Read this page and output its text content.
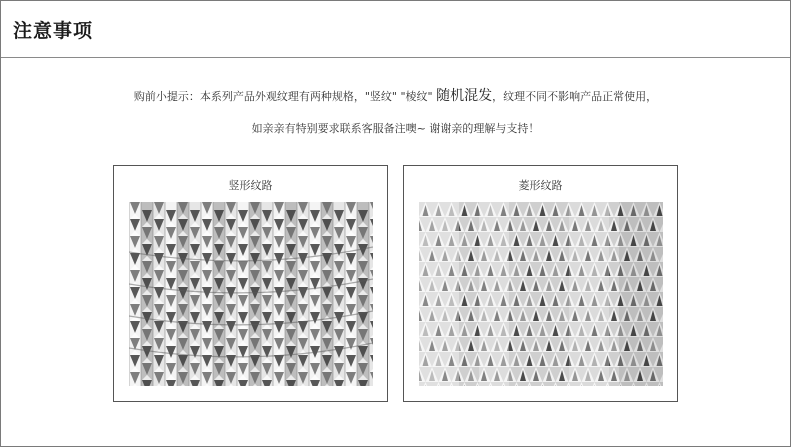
注意事项
购前小提示：本系列产品外观纹理有两种规格，"竖纹" "棱纹" 随机混发，纹理不同不影响产品正常使用，
如亲亲有特别要求联系客服备注噢~ 谢谢亲的理解与支持！
竖形纹路	菱形纹路
